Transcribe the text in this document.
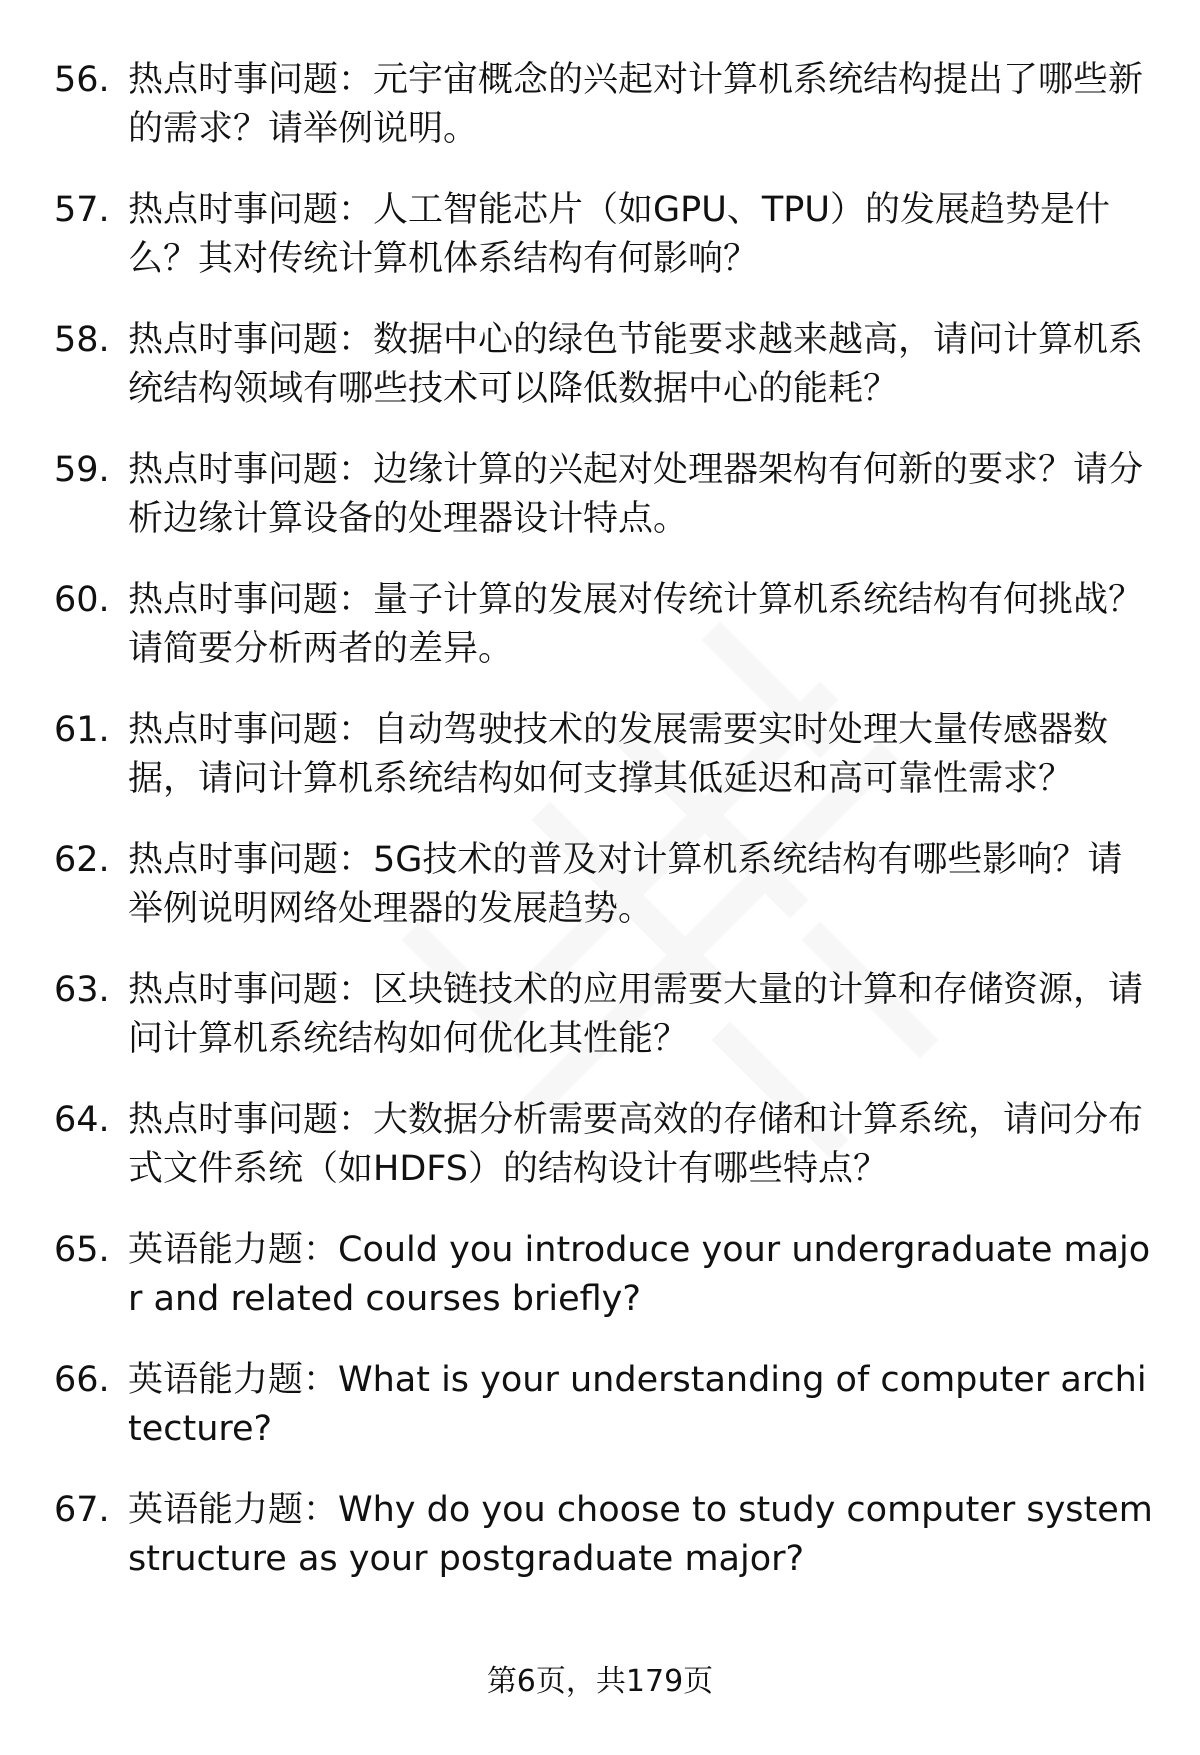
56. 热点时事问题：元宇宙概念的兴起对计算机系统结构提出了哪些新的需求？请举例说明。
57. 热点时事问题：人工智能芯片（如GPU、TPU）的发展趋势是什么？其对传统计算机体系结构有何影响？
58. 热点时事问题：数据中心的绿色节能要求越来越高，请问计算机系统结构领域有哪些技术可以降低数据中心的能耗？
59. 热点时事问题：边缘计算的兴起对处理器架构有何新的要求？请分析边缘计算设备的处理器设计特点。
60. 热点时事问题：量子计算的发展对传统计算机系统结构有何挑战？请简要分析两者的差异。
61. 热点时事问题：自动驾驶技术的发展需要实时处理大量传感器数据，请问计算机系统结构如何支撑其低延迟和高可靠性需求？
62. 热点时事问题：5G技术的普及对计算机系统结构有哪些影响？请举例说明网络处理器的发展趋势。
63. 热点时事问题：区块链技术的应用需要大量的计算和存储资源，请问计算机系统结构如何优化其性能？
64. 热点时事问题：大数据分析需要高效的存储和计算系统，请问分布式文件系统（如HDFS）的结构设计有哪些特点？
65. 英语能力题：Could you introduce your undergraduate major and related courses briefly?
66. 英语能力题：What is your understanding of computer architecture?
67. 英语能力题：Why do you choose to study computer system structure as your postgraduate major?
第6页，共179页
